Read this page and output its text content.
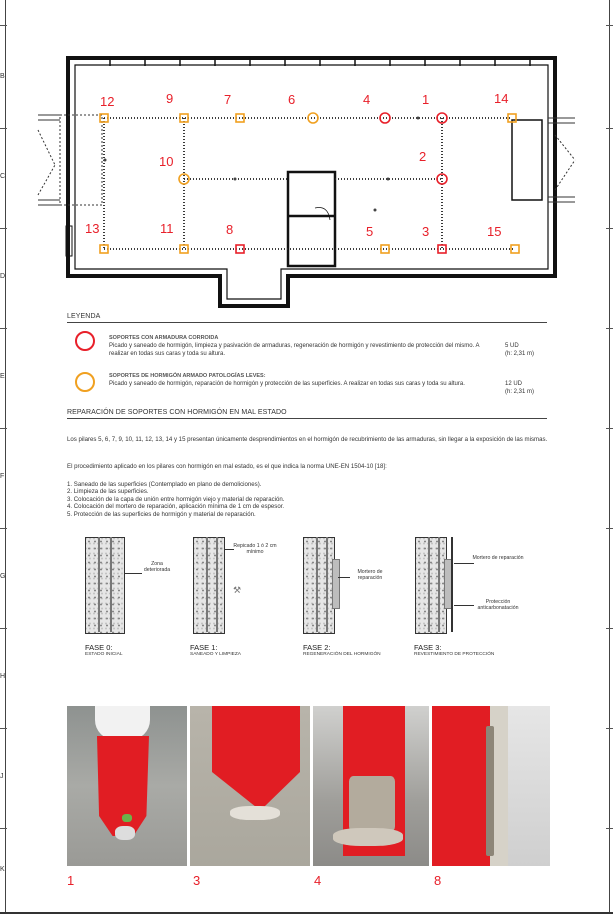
B
C
D
E
F
G
H
J
K
12	9	7	6	4	1	14
10	2
13	11	8	5	3	15
LEYENDA
SOPORTES CON ARMADURA CORROIDA
Picado y saneado de hormigón, limpieza y pasivación de armaduras, regeneración de hormigón y revestimiento de protección del mismo. A realizar en todas sus caras y toda su altura.
5 UD
(h: 2,31 m)
SOPORTES DE HORMIGÓN ARMADO PATOLOGÍAS LEVES:
Picado y saneado de hormigón, reparación de hormigón y protección de las superficies. A realizar en todas sus caras y toda su altura.	12 UD
(h: 2,31 m)
REPARACIÓN DE SOPORTES CON HORMIGÓN EN MAL ESTADO
Los pilares 5, 6, 7, 9, 10, 11, 12, 13, 14 y 15 presentan únicamente desprendimientos en el hormigón de recubrimiento de las armaduras, sin llegar a la exposición de las mismas.
El procedimiento aplicado en los pilares con hormigón en mal estado, es el que indica la norma UNE-EN 1504-10 [18]:
1. Saneado de las superficies (Contemplado en plano de demoliciones).
2. Limpieza de las superficies.
3. Colocación de la capa de unión entre hormigón viejo y material de reparación.
4. Colocación del mortero de reparación, aplicación mínima de 1 cm de espesor.
5. Protección de las superficies de hormigón y material de reparación.
Zona deteriorada
Repicado 1 ó 2 cm mínimo
⚒
Mortero de reparación
Mortero de reparación
Protección anticarbonatación
FASE 0:
ESTADO INICIAL
FASE 1:
SANEADO Y LIMPIEZA
FASE 2:
REGENERACIÓN DEL HORMIGÓN
FASE 3:
REVESTIMIENTO DE PROTECCIÓN
1	3	4	8
